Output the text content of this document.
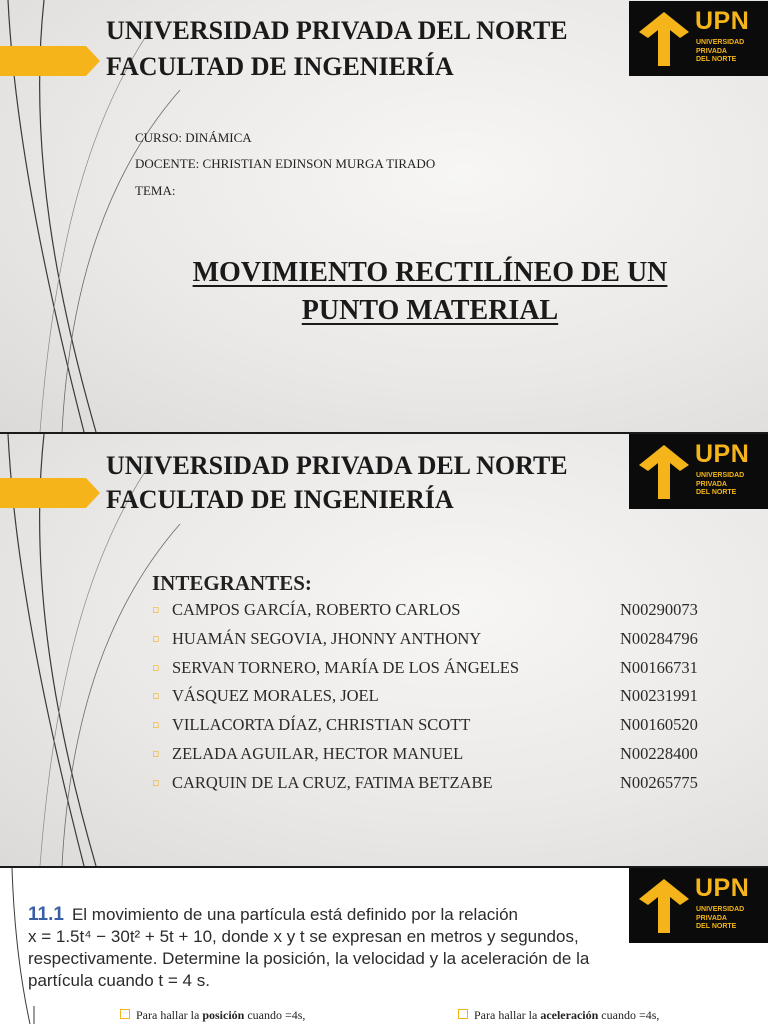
UNIVERSIDAD PRIVADA DEL NORTE

FACULTAD DE INGENIERÍA

UPN
UNIVERSIDAD
PRIVADA
DEL NORTE

CURSO: DINÁMICA

DOCENTE: CHRISTIAN EDINSON MURGA TIRADO

TEMA:

MOVIMIENTO RECTILÍNEO DE UN
PUNTO MATERIAL

UNIVERSIDAD PRIVADA DEL NORTE

FACULTAD DE INGENIERÍA

UPN
UNIVERSIDAD
PRIVADA
DEL NORTE

INTEGRANTES:

▫ CAMPOS GARCÍA, ROBERTO CARLOS	N00290073
▫ HUAMÁN SEGOVIA, JHONNY ANTHONY	N00284796
▫ SERVAN TORNERO, MARÍA DE LOS ÁNGELES	N00166731
▫ VÁSQUEZ MORALES, JOEL	N00231991
▫ VILLACORTA DÍAZ, CHRISTIAN SCOTT	N00160520
▫ ZELADA AGUILAR, HECTOR MANUEL	N00228400
▫ CARQUIN DE LA CRUZ, FATIMA BETZABE	N00265775
UPN
UNIVERSIDAD
PRIVADA
DEL NORTE

11.1 El movimiento de una partícula está definido por la relación
x = 1.5t⁴ − 30t² + 5t + 10, donde x y t se expresan en metros y segundos,
respectivamente. Determine la posición, la velocidad y la aceleración de la
partícula cuando t = 4 s.

Para hallar la posición cuando =4s,	Para hallar la aceleración cuando =4s,
